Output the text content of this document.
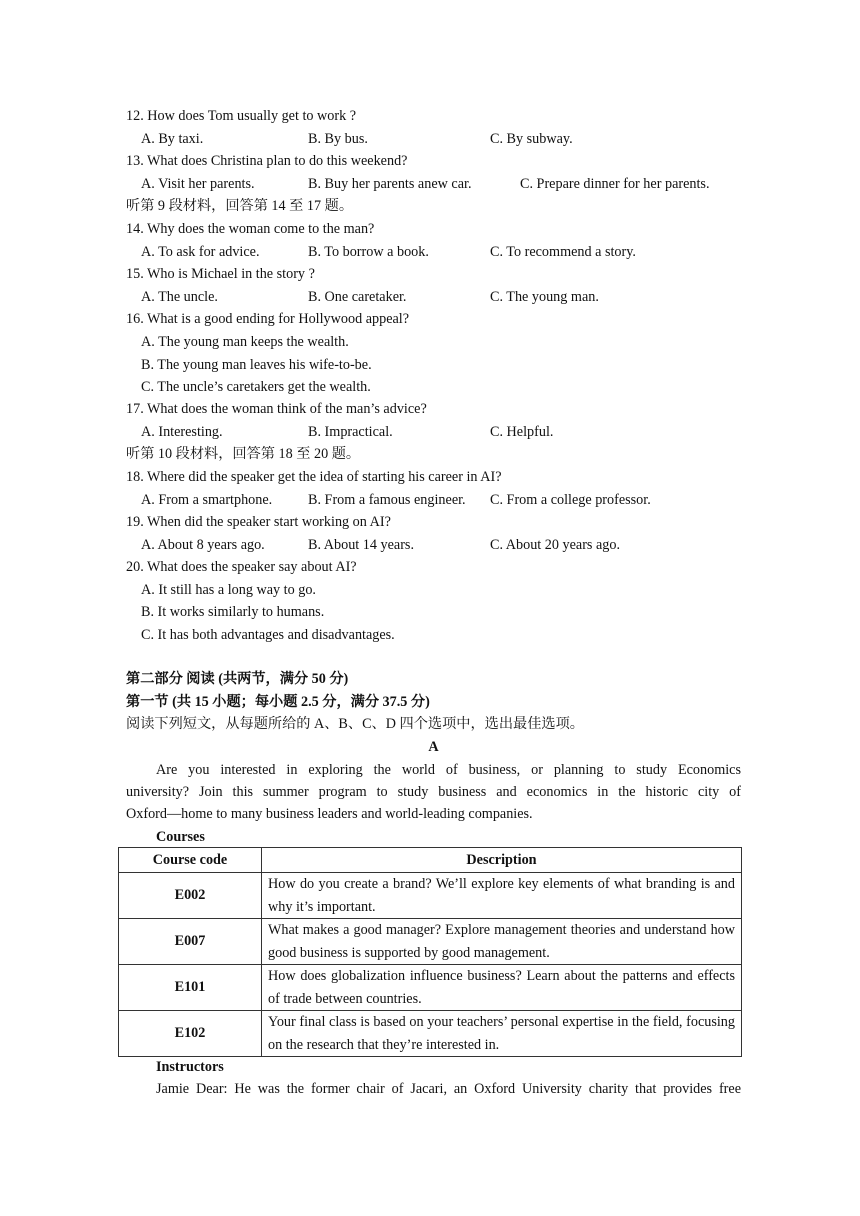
12. How does Tom usually get to work ?
A. By taxi.	B. By bus.	C. By subway.
13. What does Christina plan to do this weekend?
A. Visit her parents.	B. Buy her parents anew car.	C. Prepare dinner for her parents.
听第 9 段材料，回答第 14 至 17 题。
14. Why does the woman come to the man?
A. To ask for advice.	B. To borrow a book.	C. To recommend a story.
15. Who is Michael in the story ?
A. The uncle.	B. One caretaker.	C. The young man.
16. What is a good ending for Hollywood appeal?
A. The young man keeps the wealth.
B. The young man leaves his wife-to-be.
C. The uncle’s caretakers get the wealth.
17. What does the woman think of the man’s advice?
A. Interesting.	B. Impractical.	C. Helpful.
听第 10 段材料，回答第 18 至 20 题。
18. Where did the speaker get the idea of starting his career in AI?
A. From a smartphone.	B. From a famous engineer. C. From a college professor.
19. When did the speaker start working on AI?
A. About 8 years ago.	B. About 14 years.	C. About 20 years ago.
20. What does the speaker say about AI?
A. It still has a long way to go.
B. It works similarly to humans.
C. It has both advantages and disadvantages.
第二部分 阅读 (共两节，满分 50 分)
第一节 (共 15 小题；每小题 2.5 分，满分 37.5 分)
阅读下列短文，从每题所给的 A、B、C、D 四个选项中，选出最佳选项。
A
Are you interested in exploring the world of business, or planning to study Economics
university? Join this summer program to study business and economics in the historic city of
Oxford—home to many business leaders and world-leading companies.
Courses
Course code	Description
E002	How do you create a brand? We’ll explore key elements of what branding is and why it’s important.
E007	What makes a good manager? Explore management theories and understand how good business is supported by good management.
E101	How does globalization influence business? Learn about the patterns and effects of trade between countries.
E102	Your final class is based on your teachers’ personal expertise in the field, focusing on the research that they’re interested in.
Instructors
Jamie Dear: He was the former chair of Jacari, an Oxford University charity that provides free
